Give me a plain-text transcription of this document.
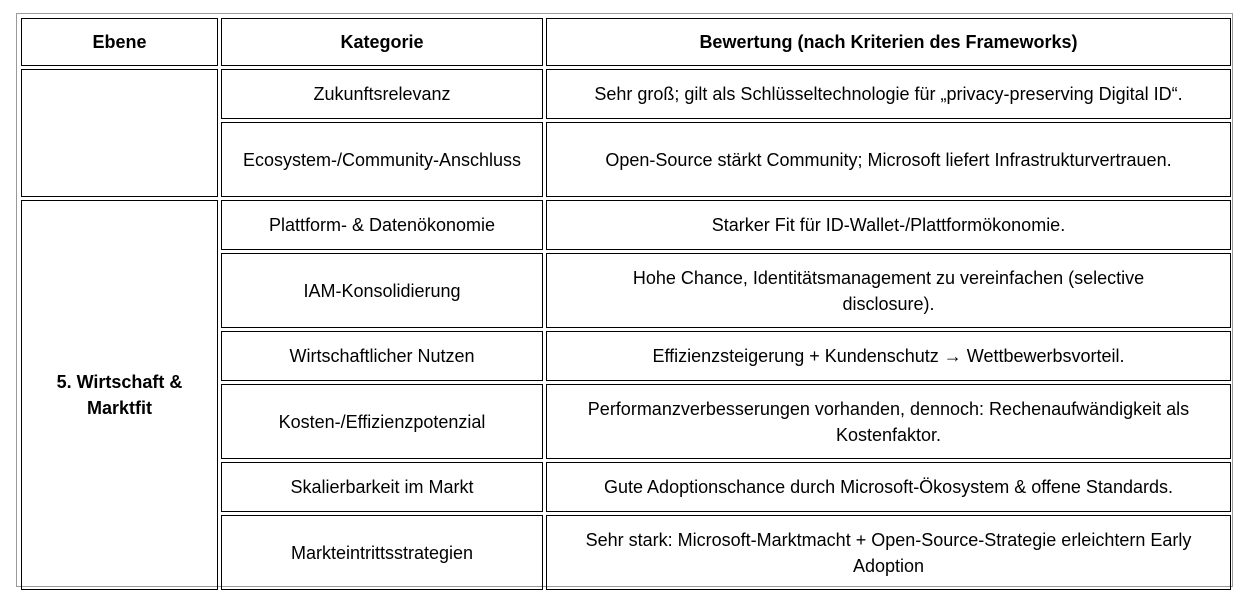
Ebene	Kategorie	Bewertung (nach Kriterien des Frameworks)
	Zukunftsrelevanz	Sehr groß; gilt als Schlüsseltechnologie für „privacy-preserving Digital ID“.
	Ecosystem-/Community-Anschluss	Open-Source stärkt Community; Microsoft liefert Infrastrukturvertrauen.
5. Wirtschaft & Marktfit	Plattform- & Datenökonomie	Starker Fit für ID-Wallet-/Plattformökonomie.
	IAM-Konsolidierung	Hohe Chance, Identitätsmanagement zu vereinfachen (selective disclosure).
	Wirtschaftlicher Nutzen	Effizienzsteigerung + Kundenschutz → Wettbewerbsvorteil.
	Kosten-/Effizienzpotenzial	Performanzverbesserungen vorhanden, dennoch: Rechenaufwändigkeit als Kostenfaktor.
	Skalierbarkeit im Markt	Gute Adoptionschance durch Microsoft-Ökosystem & offene Standards.
	Markteintrittsstrategien	Sehr stark: Microsoft-Marktmacht + Open-Source-Strategie erleichtern Early Adoption
